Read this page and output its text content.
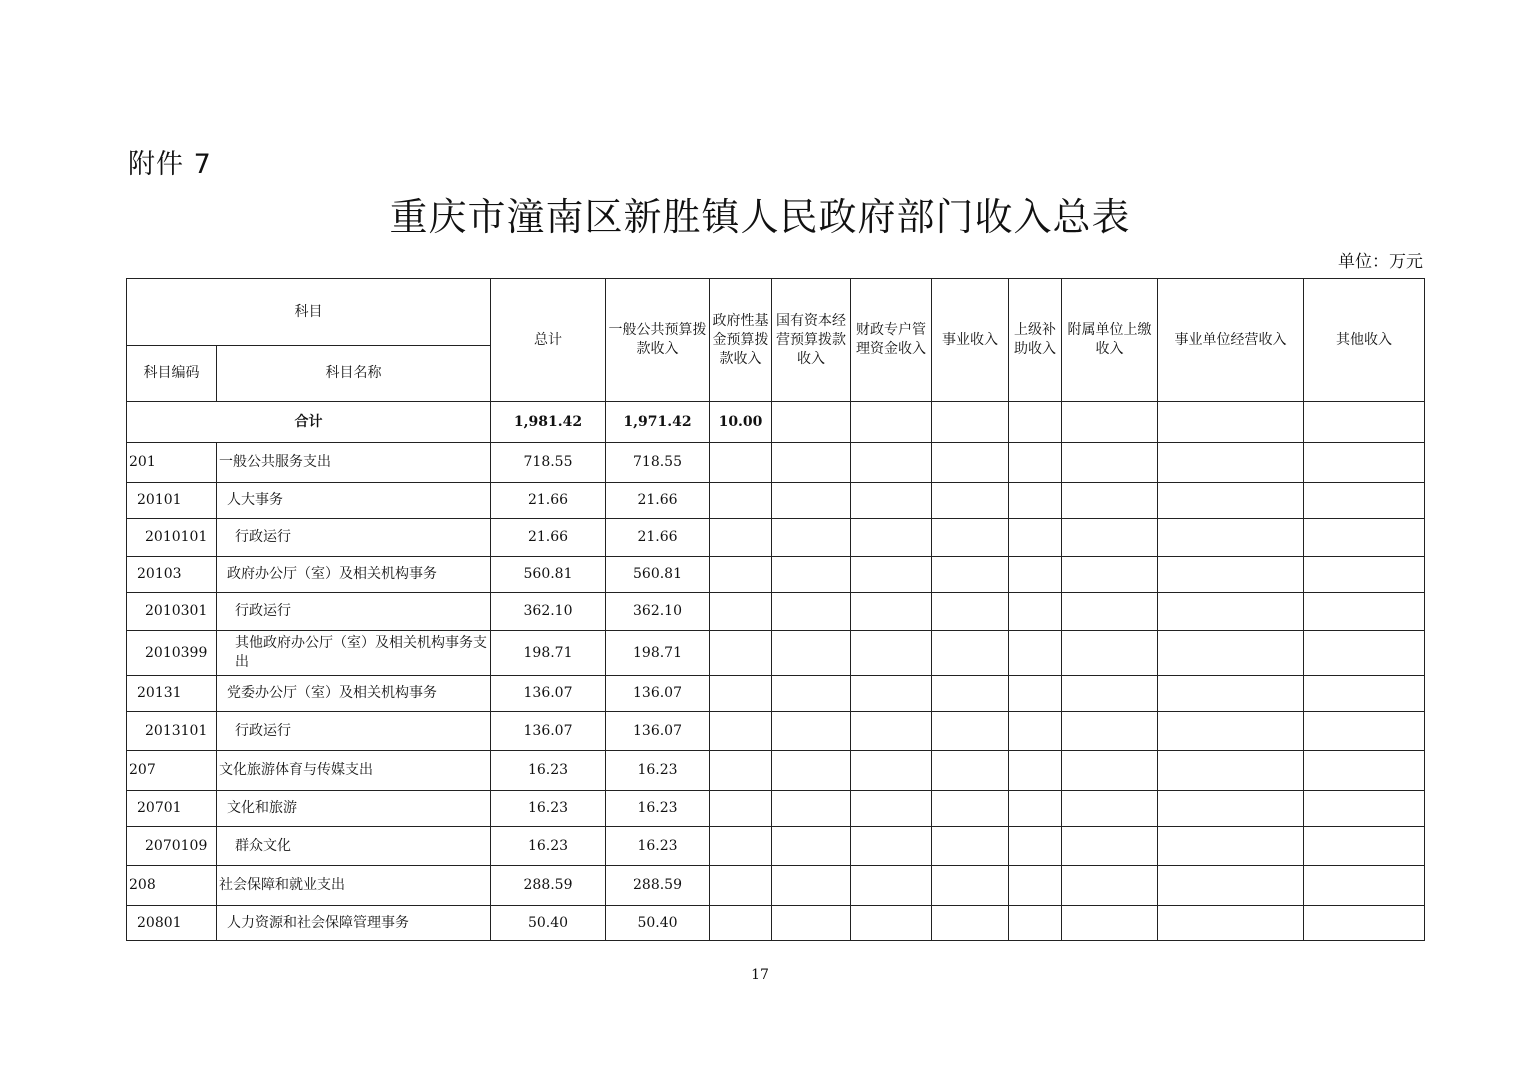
附件 7
重庆市潼南区新胜镇人民政府部门收入总表
单位：万元
科目		总计	一般公共预算拨款收入	政府性基金预算拨款收入	国有资本经营预算拨款收入	财政专户管理资金收入	事业收入	上级补助收入	附属单位上缴收入	事业单位经营收入	其他收入
科目编码	科目名称										
合计		1,981.42	1,971.42	10.00							
201	一般公共服务支出	718.55	718.55								
20101	人大事务	21.66	21.66								
2010101	行政运行	21.66	21.66								
20103	政府办公厅（室）及相关机构事务	560.81	560.81								
2010301	行政运行	362.10	362.10								
2010399	其他政府办公厅（室）及相关机构事务支出	198.71	198.71								
20131	党委办公厅（室）及相关机构事务	136.07	136.07								
2013101	行政运行	136.07	136.07								
207	文化旅游体育与传媒支出	16.23	16.23								
20701	文化和旅游	16.23	16.23								
2070109	群众文化	16.23	16.23								
208	社会保障和就业支出	288.59	288.59								
20801	人力资源和社会保障管理事务	50.40	50.40								
17
